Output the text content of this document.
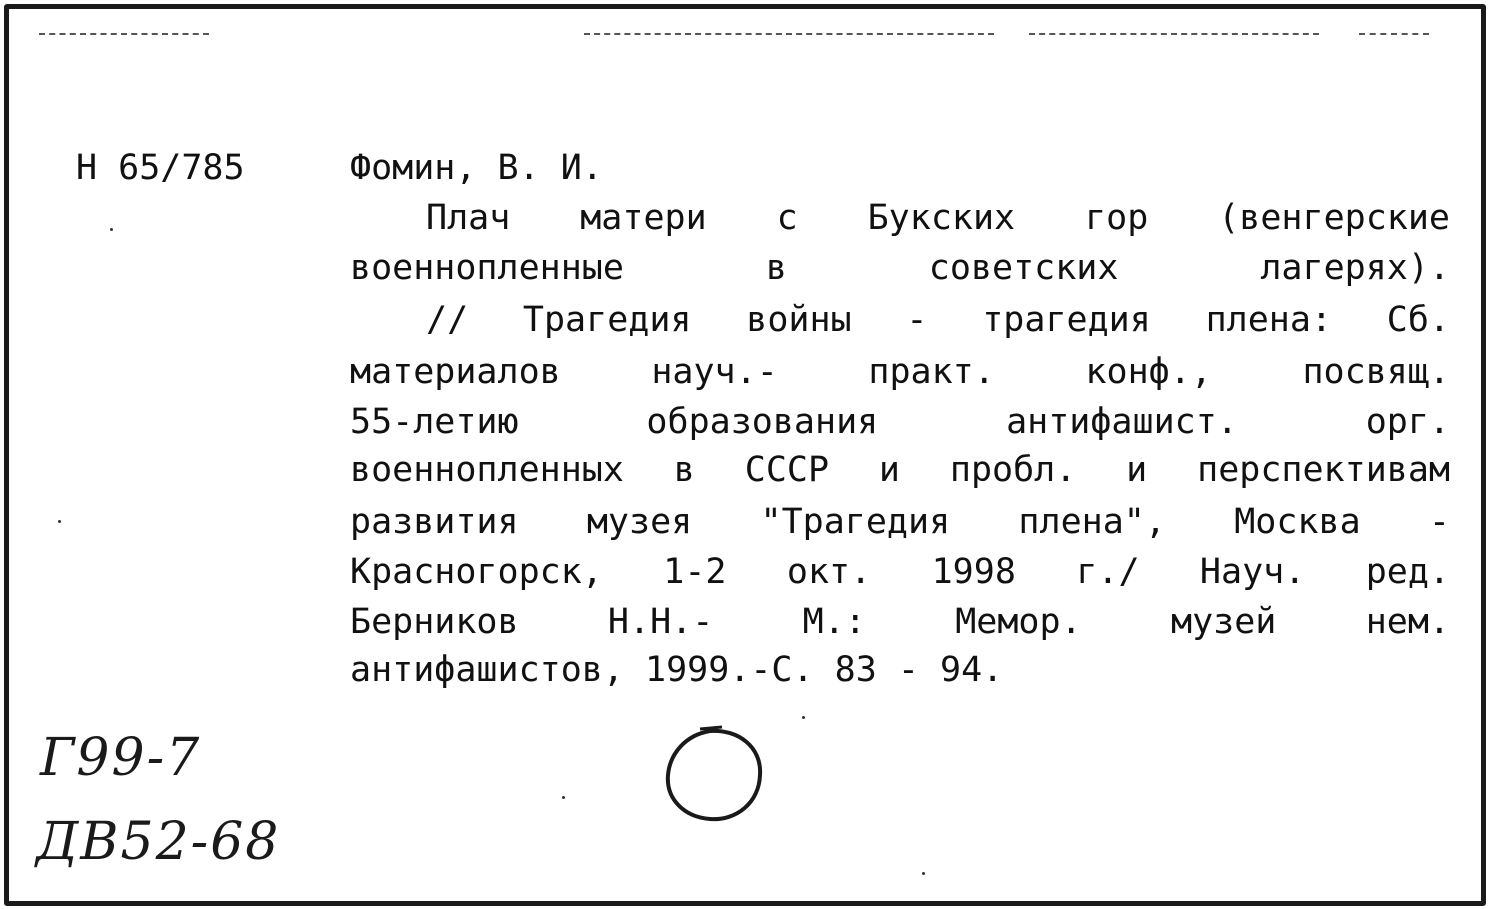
Н 65/785	Фомин, В. И.
Плач матери с Букских гор (венгерские
военнопленные в советских лагерях).
// Трагедия войны - трагедия плена: Сб.
материалов науч.- практ. конф., посвящ.
55-летию образования антифашист. орг.
военнопленных в СССР и пробл. и перспективам
развития музея "Трагедия плена", Москва -
Красногорск, 1-2 окт. 1998 г./ Науч. ред.
Берников Н.Н.- М.: Мемор. музей нем.
антифашистов, 1999.-С. 83 - 94.
Г99-7
ДВ52-68
